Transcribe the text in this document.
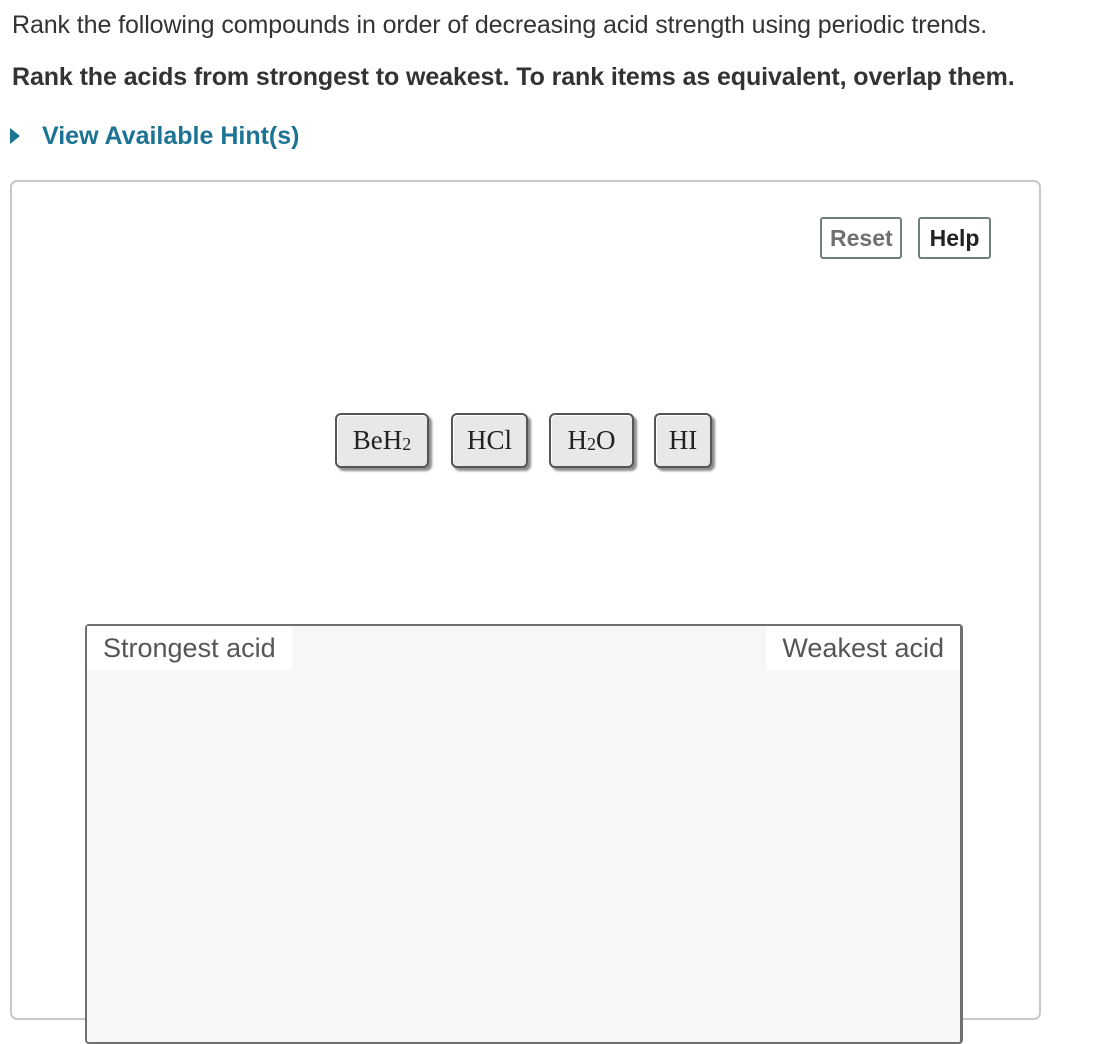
Rank the following compounds in order of decreasing acid strength using periodic trends.
Rank the acids from strongest to weakest. To rank items as equivalent, overlap them.
View Available Hint(s)
Reset	Help
BeH$_2$ HCl $H_2$ O HI
Strongest acid	Weakest acid
